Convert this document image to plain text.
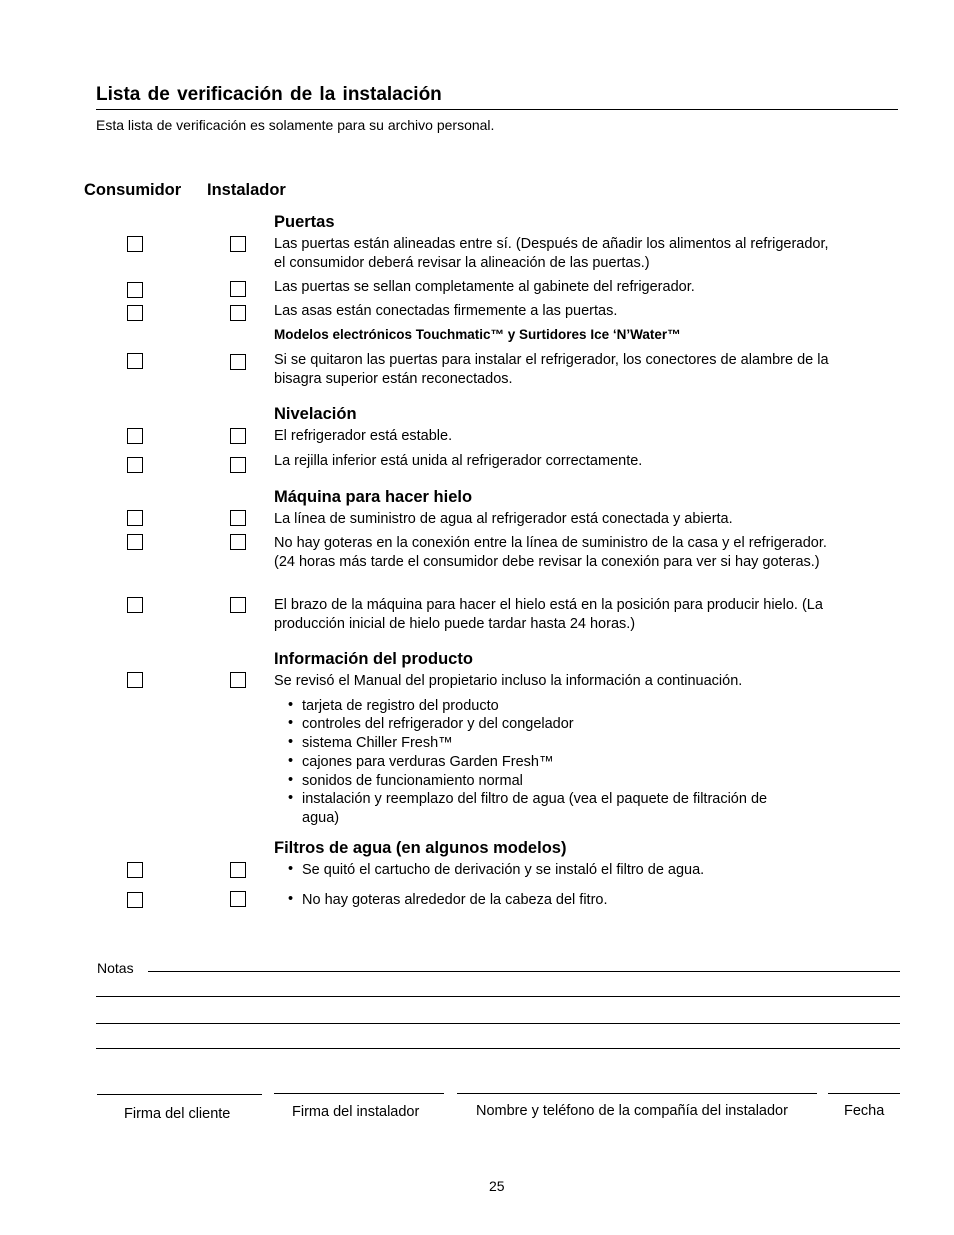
Lista de verificación de la instalación
Esta lista de verificación es solamente para su archivo personal.
Consumidor Instalador
Puertas
Las puertas están alineadas entre sí. (Después de añadir los alimentos al refrigerador, el consumidor deberá revisar la alineación de las puertas.)
Las puertas se sellan completamente al gabinete del refrigerador.
Las asas están conectadas firmemente a las puertas.
Modelos electrónicos Touchmatic™ y Surtidores Ice ‘N’Water™
Si se quitaron las puertas para instalar el refrigerador, los conectores de alambre de la bisagra superior están reconectados.
Nivelación
El refrigerador está estable.
La rejilla inferior está unida al refrigerador correctamente.
Máquina para hacer hielo
La línea de suministro de agua al refrigerador está conectada y abierta.
No hay goteras en la conexión entre la línea de suministro de la casa y el refrigerador. (24 horas más tarde el consumidor debe revisar la conexión para ver si hay goteras.)
El brazo de la máquina para hacer el hielo está en la posición para producir hielo. (La producción inicial de hielo puede tardar hasta 24 horas.)
Información del producto
Se revisó el Manual del propietario incluso la información a continuación.
• tarjeta de registro del producto
• controles del refrigerador y del congelador
• sistema Chiller Fresh™
• cajones para verduras Garden Fresh™
• sonidos de funcionamiento normal
• instalación y reemplazo del filtro de agua (vea el paquete de filtración de agua)
Filtros de agua (en algunos modelos)
• Se quitó el cartucho de derivación y se instaló el filtro de agua.
• No hay goteras alrededor de la cabeza del fitro.
Notas
Firma del cliente	Firma del instalador	Nombre y teléfono de la compañía del instalador	Fecha
25
